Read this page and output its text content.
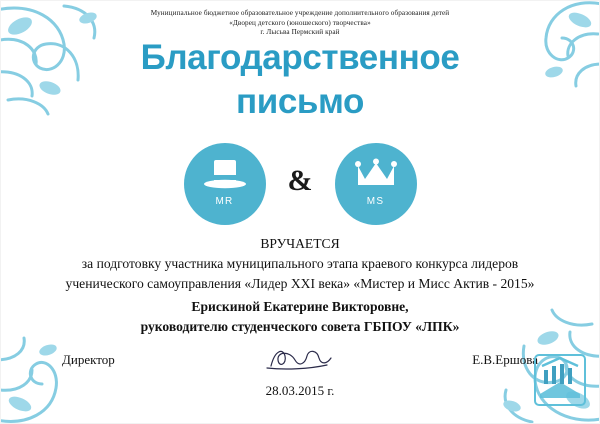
Муниципальное бюджетное образовательное учреждение дополнительного образования детей
«Дворец детского (юношеского) творчества»
г. Лысьва Пермский край
Благодарственное
письмо
MR
&
MS
ВРУЧАЕТСЯ
за подготовку участника муниципального этапа краевого конкурса лидеров
ученического самоуправления «Лидер XXI века» «Мистер и Мисс Актив - 2015»
Ерискиной Екатерине Викторовне,
руководителю студенческого совета ГБПОУ «ЛПК»
Директор	Е.В.Ершова
28.03.2015 г.
